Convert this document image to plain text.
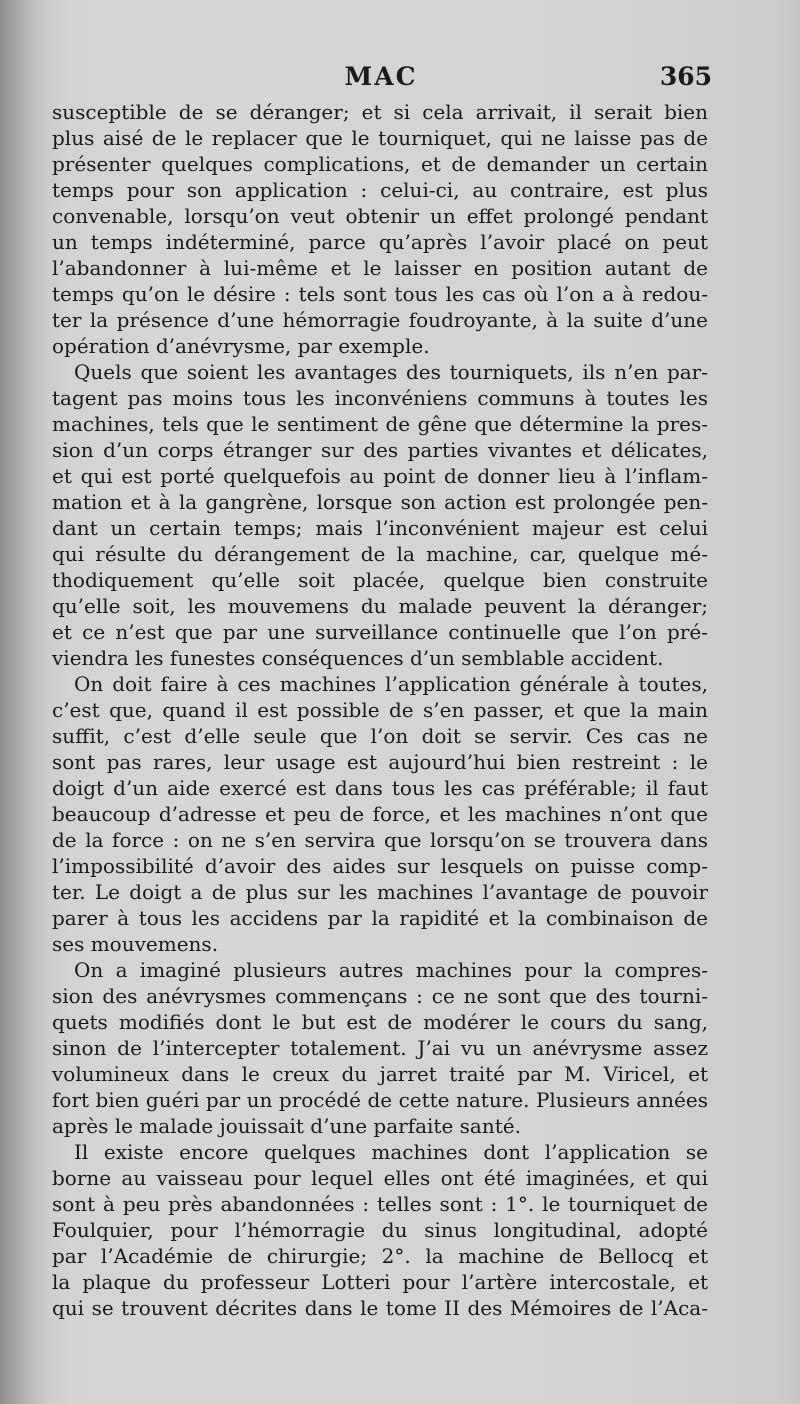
MAC	365
susceptible de se déranger; et si cela arrivait, il serait bien
plus aisé de le replacer que le tourniquet, qui ne laisse pas de
présenter quelques complications, et de demander un certain
temps pour son application : celui-ci, au contraire, est plus
convenable, lorsqu’on veut obtenir un effet prolongé pendant
un temps indéterminé, parce qu’après l’avoir placé on peut
l’abandonner à lui-même et le laisser en position autant de
temps qu’on le désire : tels sont tous les cas où l’on a à redou-
ter la présence d’une hémorragie foudroyante, à la suite d’une
opération d’anévrysme, par exemple.
Quels que soient les avantages des tourniquets, ils n’en par-
tagent pas moins tous les inconvéniens communs à toutes les
machines, tels que le sentiment de gêne que détermine la pres-
sion d’un corps étranger sur des parties vivantes et délicates,
et qui est porté quelquefois au point de donner lieu à l’inflam-
mation et à la gangrène, lorsque son action est prolongée pen-
dant un certain temps; mais l’inconvénient majeur est celui
qui résulte du dérangement de la machine, car, quelque mé-
thodiquement qu’elle soit placée, quelque bien construite
qu’elle soit, les mouvemens du malade peuvent la déranger;
et ce n’est que par une surveillance continuelle que l’on pré-
viendra les funestes conséquences d’un semblable accident.
On doit faire à ces machines l’application générale à toutes,
c’est que, quand il est possible de s’en passer, et que la main
suffit, c’est d’elle seule que l’on doit se servir. Ces cas ne
sont pas rares, leur usage est aujourd’hui bien restreint : le
doigt d’un aide exercé est dans tous les cas préférable; il faut
beaucoup d’adresse et peu de force, et les machines n’ont que
de la force : on ne s’en servira que lorsqu’on se trouvera dans
l’impossibilité d’avoir des aides sur lesquels on puisse comp-
ter. Le doigt a de plus sur les machines l’avantage de pouvoir
parer à tous les accidens par la rapidité et la combinaison de
ses mouvemens.
On a imaginé plusieurs autres machines pour la compres-
sion des anévrysmes commençans : ce ne sont que des tourni-
quets modifiés dont le but est de modérer le cours du sang,
sinon de l’intercepter totalement. J’ai vu un anévrysme assez
volumineux dans le creux du jarret traité par M. Viricel, et
fort bien guéri par un procédé de cette nature. Plusieurs années
après le malade jouissait d’une parfaite santé.
Il existe encore quelques machines dont l’application se
borne au vaisseau pour lequel elles ont été imaginées, et qui
sont à peu près abandonnées : telles sont : 1°. le tourniquet de
Foulquier, pour l’hémorragie du sinus longitudinal, adopté
par l’Académie de chirurgie; 2°. la machine de Bellocq et
la plaque du professeur Lotteri pour l’artère intercostale, et
qui se trouvent décrites dans le tome II des Mémoires de l’Aca-
